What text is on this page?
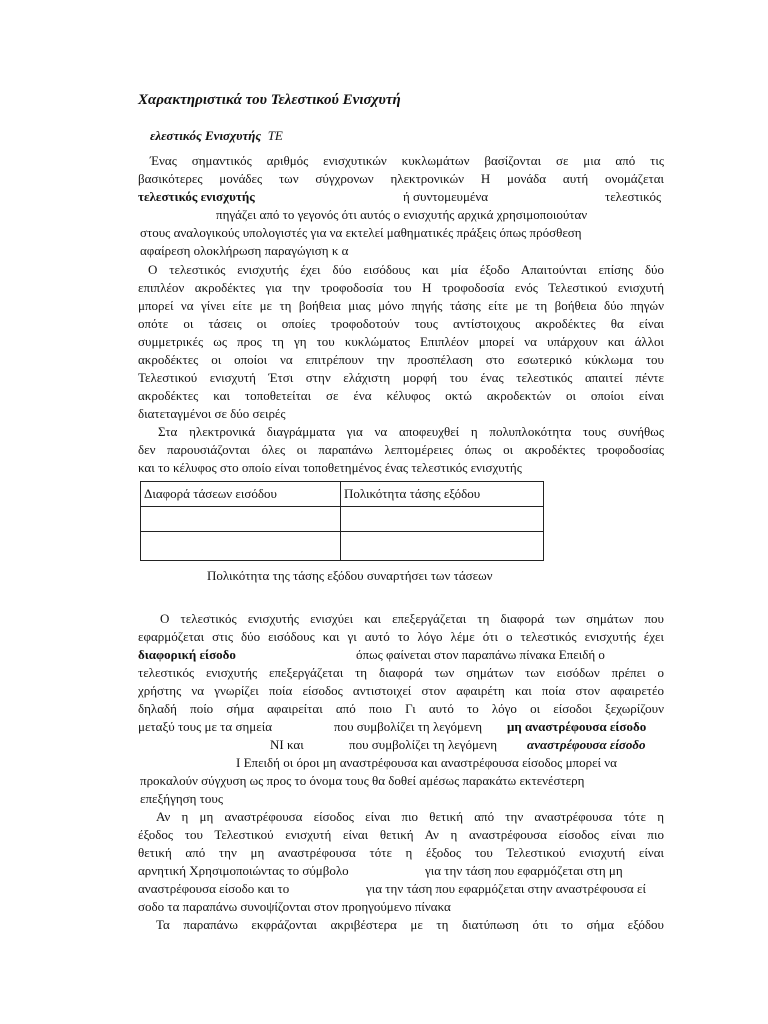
Χαρακτηριστικά του Τελεστικού Ενισχυτή
ελεστικός Ενισχυτής ΤΕ
Ένας σημαντικός αριθμός ενισχυτικών κυκλωμάτων βασίζονται σε μια από τις
βασικότερες μονάδες των σύγχρονων ηλεκτρονικών Η μονάδα αυτή ονομάζεται
τελεστικός ενισχυτής	ή συντομευμένα	τελεστικός
πηγάζει από το γεγονός ότι αυτός ο ενισχυτής αρχικά χρησιμοποιούταν
στους αναλογικούς υπολογιστές για να εκτελεί μαθηματικές πράξεις όπως πρόσθεση
αφαίρεση ολοκλήρωση παραγώγιση κ α
Ο τελεστικός ενισχυτής έχει δύο εισόδους και μία έξοδο Απαιτούνται επίσης δύο
επιπλέον ακροδέκτες για την τροφοδοσία του Η τροφοδοσία ενός Τελεστικού ενισχυτή
μπορεί να γίνει είτε με τη βοήθεια μιας μόνο πηγής τάσης είτε με τη βοήθεια δύο πηγών
οπότε οι τάσεις οι οποίες τροφοδοτούν τους αντίστοιχους ακροδέκτες θα είναι
συμμετρικές ως προς τη γη του κυκλώματος Επιπλέον μπορεί να υπάρχουν και άλλοι
ακροδέκτες οι οποίοι να επιτρέπουν την προσπέλαση στο εσωτερικό κύκλωμα του
Τελεστικού ενισχυτή Έτσι στην ελάχιστη μορφή του ένας τελεστικός απαιτεί πέντε
ακροδέκτες και τοποθετείται σε ένα κέλυφος οκτώ ακροδεκτών οι οποίοι είναι
διατεταγμένοι σε δύο σειρές
Στα ηλεκτρονικά διαγράμματα για να αποφευχθεί η πολυπλοκότητα τους συνήθως
δεν παρουσιάζονται όλες οι παραπάνω λεπτομέρειες όπως οι ακροδέκτες τροφοδοσίας
και το κέλυφος στο οποίο είναι τοποθετημένος ένας τελεστικός ενισχυτής
Διαφορά τάσεων εισόδου	Πολικότητα τάσης εξόδου

Πολικότητα της τάσης εξόδου συναρτήσει των τάσεων
Ο τελεστικός ενισχυτής ενισχύει και επεξεργάζεται τη διαφορά των σημάτων που
εφαρμόζεται στις δύο εισόδους και γι αυτό το λόγο λέμε ότι ο τελεστικός ενισχυτής έχει
διαφορική είσοδο	όπως φαίνεται στον παραπάνω πίνακα Επειδή ο
τελεστικός ενισχυτής επεξεργάζεται τη διαφορά των σημάτων των εισόδων πρέπει ο
χρήστης να γνωρίζει ποία είσοδος αντιστοιχεί στον αφαιρέτη και ποία στον αφαιρετέο
δηλαδή ποίο σήμα αφαιρείται από ποιο Γι αυτό το λόγο οι είσοδοι ξεχωρίζουν
μεταξύ τους με τα σημεία	που συμβολίζει τη λεγόμενη μη αναστρέφουσα είσοδο
ΝΙ και	που συμβολίζει τη λεγόμενη αναστρέφουσα είσοδο
Ι Επειδή οι όροι μη αναστρέφουσα και αναστρέφουσα είσοδος μπορεί να
προκαλούν σύγχυση ως προς το όνομα τους θα δοθεί αμέσως παρακάτω εκτενέστερη
επεξήγηση τους
Αν η μη αναστρέφουσα είσοδος είναι πιο θετική από την αναστρέφουσα τότε η
έξοδος του Τελεστικού ενισχυτή είναι θετική Αν η αναστρέφουσα είσοδος είναι πιο
θετική από την μη αναστρέφουσα τότε η έξοδος του Τελεστικού ενισχυτή είναι
αρνητική Χρησιμοποιώντας το σύμβολο	για την τάση που εφαρμόζεται στη μη
αναστρέφουσα είσοδο και το	για την τάση που εφαρμόζεται στην αναστρέφουσα εί
σοδο τα παραπάνω συνοψίζονται στον προηγούμενο πίνακα
Τα παραπάνω εκφράζονται ακριβέστερα με τη διατύπωση ότι το σήμα εξόδου
